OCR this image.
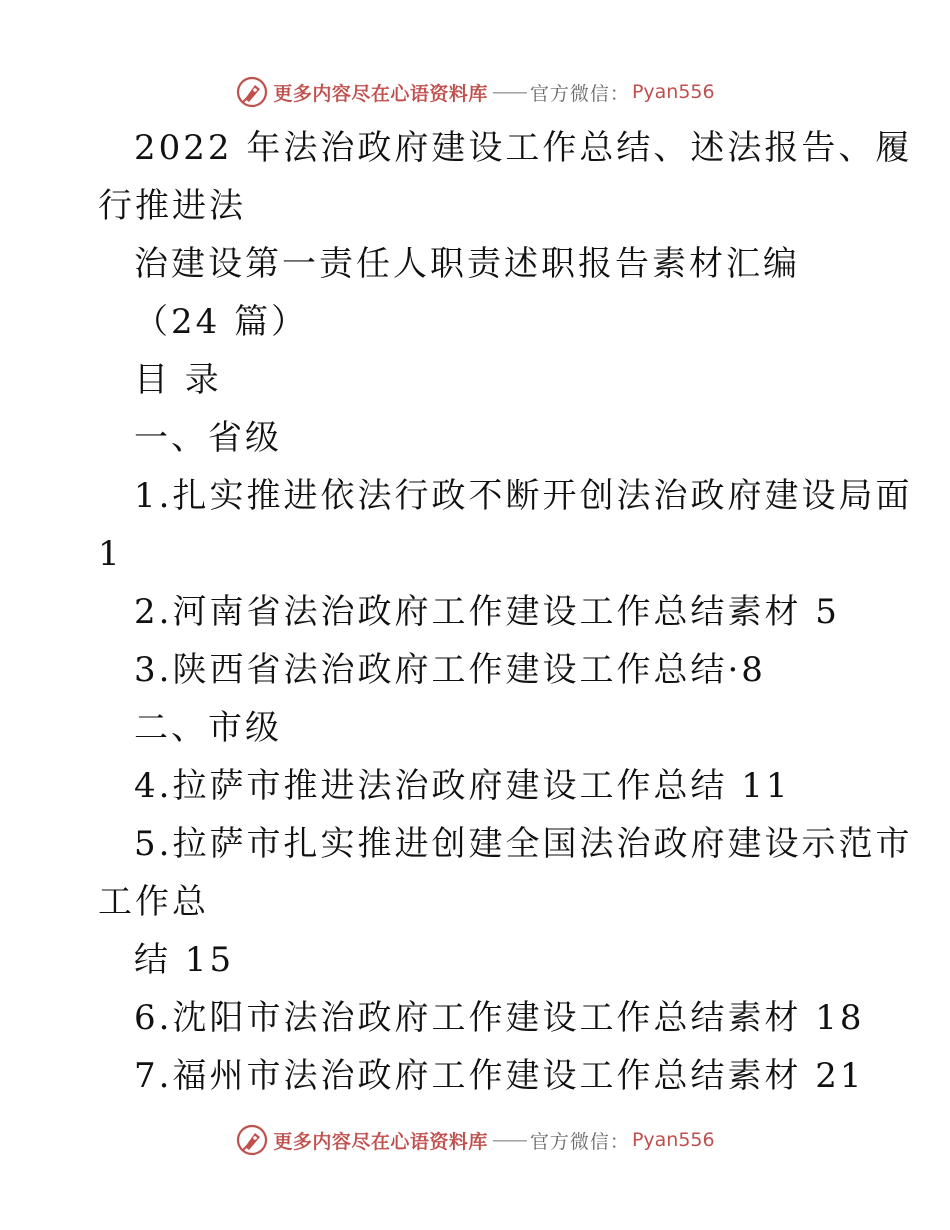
更多内容尽在心语资料库 —— 官方微信： Pyan556
2022 年法治政府建设工作总结、述法报告、履
行推进法
治建设第一责任人职责述职报告素材汇编
（24 篇）
目 录
一、省级
1.扎实推进依法行政不断开创法治政府建设局面
1
2.河南省法治政府工作建设工作总结素材 5
3.陕西省法治政府工作建设工作总结·8
二、市级
4.拉萨市推进法治政府建设工作总结 11
5.拉萨市扎实推进创建全国法治政府建设示范市
工作总
结 15
6.沈阳市法治政府工作建设工作总结素材 18
7.福州市法治政府工作建设工作总结素材 21
更多内容尽在心语资料库 —— 官方微信： Pyan556
